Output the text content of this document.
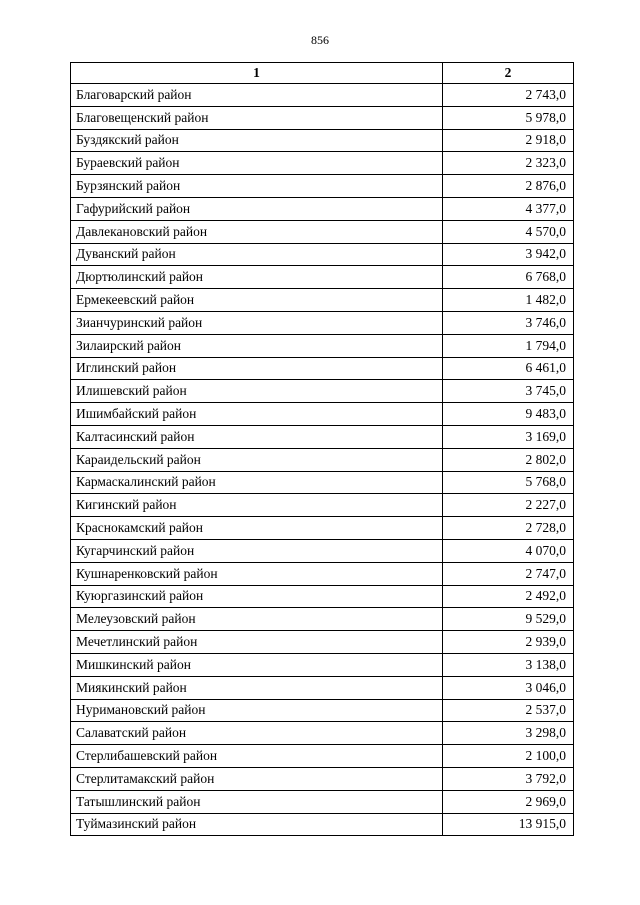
856
1	2
Благоварский район	2 743,0
Благовещенский район	5 978,0
Буздякский район	2 918,0
Бураевский район	2 323,0
Бурзянский район	2 876,0
Гафурийский район	4 377,0
Давлекановский район	4 570,0
Дуванский район	3 942,0
Дюртюлинский район	6 768,0
Ермекеевский район	1 482,0
Зианчуринский район	3 746,0
Зилаирский район	1 794,0
Иглинский район	6 461,0
Илишевский район	3 745,0
Ишимбайский район	9 483,0
Калтасинский район	3 169,0
Караидельский район	2 802,0
Кармаскалинский район	5 768,0
Кигинский район	2 227,0
Краснокамский район	2 728,0
Кугарчинский район	4 070,0
Кушнаренковский район	2 747,0
Куюргазинский район	2 492,0
Мелеузовский район	9 529,0
Мечетлинский район	2 939,0
Мишкинский район	3 138,0
Миякинский район	3 046,0
Нуримановский район	2 537,0
Салаватский район	3 298,0
Стерлибашевский район	2 100,0
Стерлитамакский район	3 792,0
Татышлинский район	2 969,0
Туймазинский район	13 915,0
